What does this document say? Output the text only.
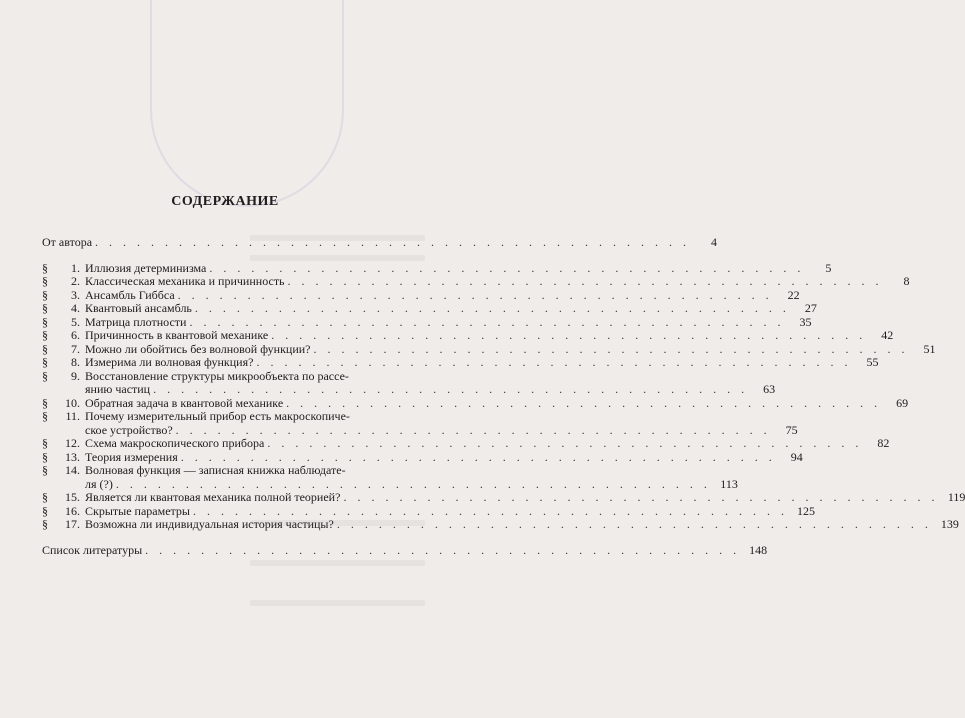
СОДЕРЖАНИЕ
От автора . . . . . . . . . . . . . . . . . . . . . . . . . . . . . . . . . . . . . . . . . . .	4
§	1. Иллюзия детерминизма . . . . . . . . . . . . . . . . . . . . . . . . . . . . . . . . . . . . . . . . . . .	5
§	2. Классическая механика и причинность . . . . . . . . . . . . . . . . . . . . . . . . . . . . . . . . . . . . . . . . . . .	8
§	3. Ансамбль Гиббса . . . . . . . . . . . . . . . . . . . . . . . . . . . . . . . . . . . . . . . . . . .	22
§	4. Квантовый ансамбль . . . . . . . . . . . . . . . . . . . . . . . . . . . . . . . . . . . . . . . . . . .	27
§	5. Матрица плотности . . . . . . . . . . . . . . . . . . . . . . . . . . . . . . . . . . . . . . . . . . .	35
§	6. Причинность в квантовой механике . . . . . . . . . . . . . . . . . . . . . . . . . . . . . . . . . . . . . . . . . . .	42
§	7. Можно ли обойтись без волновой функции? . . . . . . . . . . . . . . . . . . . . . . . . . . . . . . . . . . . . . . . . . . .	51
§	8. Измерима ли волновая функция? . . . . . . . . . . . . . . . . . . . . . . . . . . . . . . . . . . . . . . . . . . .	55
§	9. Восстановление структуры микрообъекта по рассе-
янию частиц . . . . . . . . . . . . . . . . . . . . . . . . . . . . . . . . . . . . . . . . . . .	63
§	10. Обратная задача в квантовой механике . . . . . . . . . . . . . . . . . . . . . . . . . . . . . . . . . . . . . . . . . . .	69
§	11. Почему измерительный прибор есть макроскопиче-
ское устройство? . . . . . . . . . . . . . . . . . . . . . . . . . . . . . . . . . . . . . . . . . . .	75
§	12. Схема макроскопического прибора . . . . . . . . . . . . . . . . . . . . . . . . . . . . . . . . . . . . . . . . . . .	82
§	13. Теория измерения . . . . . . . . . . . . . . . . . . . . . . . . . . . . . . . . . . . . . . . . . . .	94
§	14. Волновая функция — записная книжка наблюдате-
ля (?) . . . . . . . . . . . . . . . . . . . . . . . . . . . . . . . . . . . . . . . . . . . 113
§	15. Является ли квантовая механика полной теорией? . . . . . . . . . . . . . . . . . . . . . . . . . . . . . . . . . . . . . . . . . . . 119
§	16. Скрытые параметры . . . . . . . . . . . . . . . . . . . . . . . . . . . . . . . . . . . . . . . . . . . 125
§	17. Возможна ли индивидуальная история частицы? . . . . . . . . . . . . . . . . . . . . . . . . . . . . . . . . . . . . . . . . . . . 139
Список литературы . . . . . . . . . . . . . . . . . . . . . . . . . . . . . . . . . . . . . . . . . . . 148
